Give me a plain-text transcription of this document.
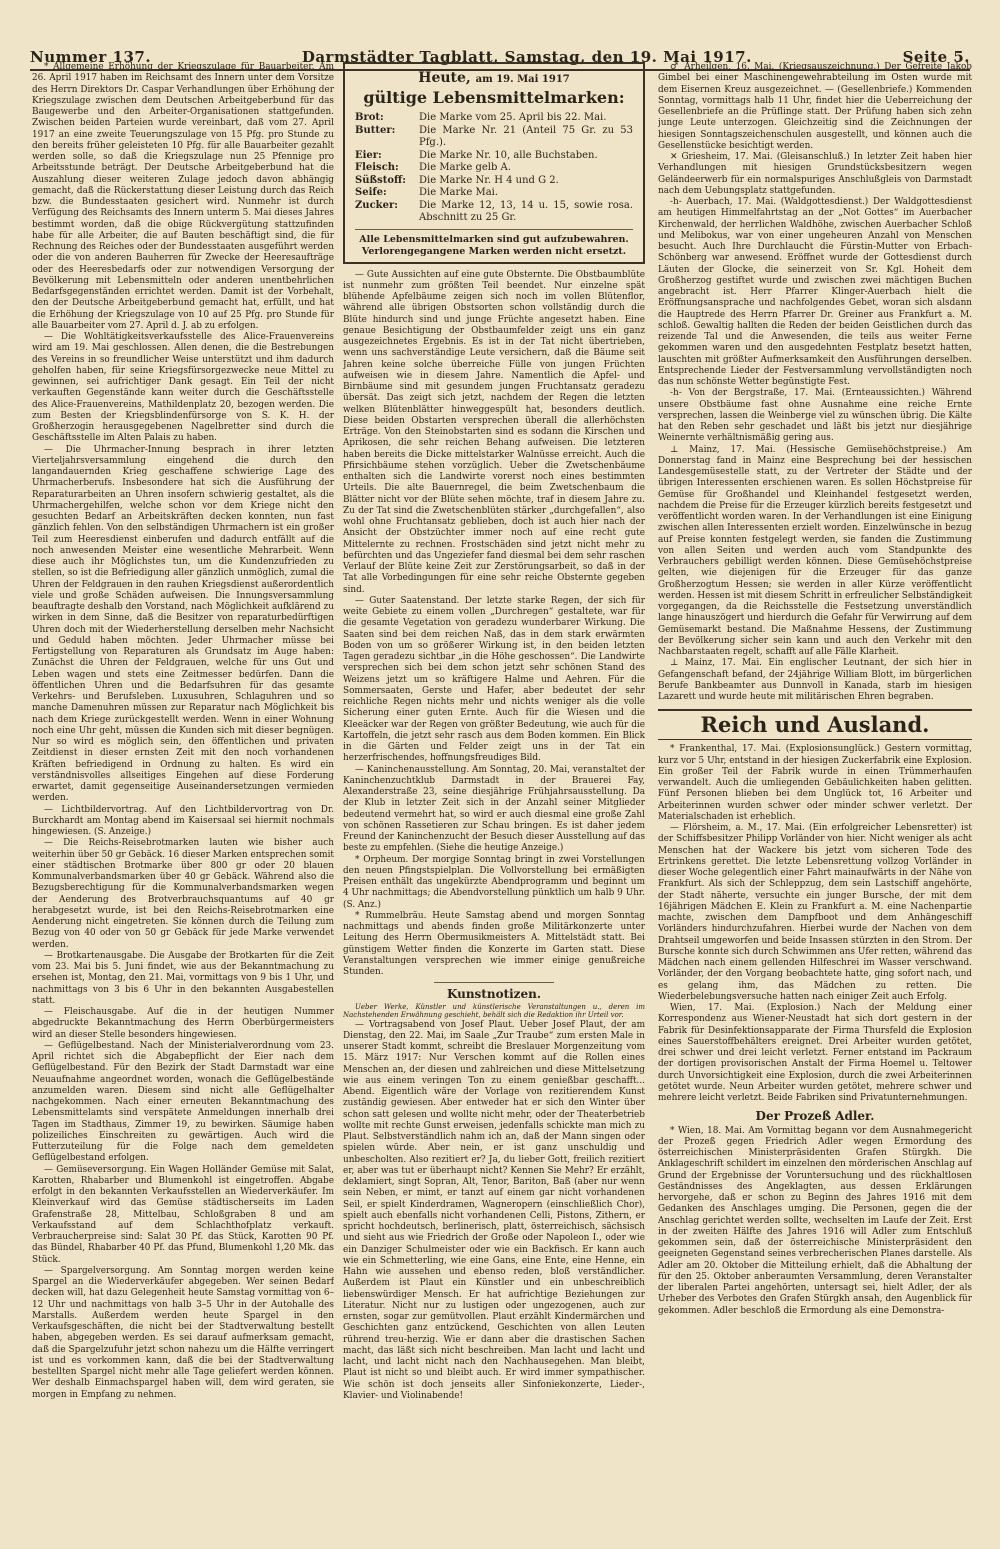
Nummer 137.	Darmstädter Tagblatt, Samstag, den 19. Mai 1917.	Seite 5.

* Allgemeine Erhöhung der Kriegszulage für Bauarbeiter. Am 26. April 1917 haben im Reichsamt des Innern unter dem Vorsitze des Herrn Direktors Dr. Caspar Verhandlungen über Erhöhung der Kriegszulage zwischen dem Deutschen Arbeitgeberbund für das Baugewerbe und den Arbeiter-Organisationen stattgefunden. Zwischen beiden Parteien wurde vereinbart, daß vom 27. April 1917 an eine zweite Teuerungszulage von 15 Pfg. pro Stunde zu den bereits früher geleisteten 10 Pfg. für alle Bauarbeiter gezahlt werden solle, so daß die Kriegszulage nun 25 Pfennige pro Arbeitsstunde beträgt. Der Deutsche Arbeitgeberbund hat die Auszahlung dieser weiteren Zulage jedoch davon abhängig gemacht, daß die Rückerstattung dieser Leistung durch das Reich bzw. die Bundesstaaten gesichert wird. Nunmehr ist durch Verfügung des Reichsamts des Innern unterm 5. Mai dieses Jahres bestimmt worden, daß die obige Rückvergütung stattzufinden habe für alle Arbeiter, die auf Bauten beschäftigt sind, die für Rechnung des Reiches oder der Bundesstaaten ausgeführt werden oder die von anderen Bauherren für Zwecke der Heeresaufträge oder des Heeresbedarfs oder zur notwendigen Versorgung der Bevölkerung mit Lebensmitteln oder anderen unentbehrlichen Bedarfsgegenständen errichtet werden. Damit ist der Vorbehalt, den der Deutsche Arbeitgeberbund gemacht hat, erfüllt, und hat die Erhöhung der Kriegszulage von 10 auf 25 Pfg. pro Stunde für alle Bauarbeiter vom 27. April d. J. ab zu erfolgen.

— Die Wohltätigkeitsverkaufsstelle des Alice-Frauenvereins wird am 19. Mai geschlossen. Allen denen, die die Bestrebungen des Vereins in so freundlicher Weise unterstützt und ihm dadurch geholfen haben, für seine Kriegsfürsorgezwecke neue Mittel zu gewinnen, sei aufrichtiger Dank gesagt. Ein Teil der nicht verkauften Gegenstände kann weiter durch die Geschäftsstelle des Alice-Frauenvereins, Mathildenplatz 20, bezogen werden. Die zum Besten der Kriegsblindenfürsorge von S. K. H. der Großherzogin herausgegebenen Nagelbretter sind durch die Geschäftsstelle im Alten Palais zu haben.

— Die Uhrmacher-Innung besprach in ihrer letzten Vierteljahrsversammlung eingehend die durch den langandauernden Krieg geschaffene schwierige Lage des Uhrmacherberufs. Insbesondere hat sich die Ausführung der Reparaturarbeiten an Uhren insofern schwierig gestaltet, als die Uhrmachergehilfen, welche schon vor dem Kriege nicht den gesuchten Bedarf an Arbeitskräften decken konnten, nun fast gänzlich fehlen. Von den selbständigen Uhrmachern ist ein großer Teil zum Heeresdienst einberufen und dadurch entfällt auf die noch anwesenden Meister eine wesentliche Mehrarbeit. Wenn diese auch ihr Möglichstes tun, um die Kundenzufrieden zu stellen, so ist die Befriedigung aller gänzlich unmöglich, zumal die Uhren der Feldgrauen in den rauhen Kriegsdienst außerordentlich viele und große Schäden aufweisen. Die Innungsversammlung beauftragte deshalb den Vorstand, nach Möglichkeit aufklärend zu wirken in dem Sinne, daß die Besitzer von reparaturbedürftigen Uhren doch mit der Wiederherstellung derselben mehr Nachsicht und Geduld haben möchten. Jeder Uhrmacher müsse bei Fertigstellung von Reparaturen als Grundsatz im Auge haben: Zunächst die Uhren der Feldgrauen, welche für uns Gut und Leben wagen und stets eine Zeitmesser bedürfen. Dann die öffentlichen Uhren und die Bedarfsuhren für das gesamte Verkehrs- und Berufsleben. Luxusuhren, Schlaguhren und so manche Damenuhren müssen zur Reparatur nach Möglichkeit bis nach dem Kriege zurückgestellt werden. Wenn in einer Wohnung noch eine Uhr geht, müssen die Kunden sich mit dieser begnügen. Nur so wird es möglich sein, den öffentlichen und privaten Zeitdienst in dieser ernsten Zeit mit den noch vorhandenen Kräften befriedigend in Ordnung zu halten. Es wird ein verständnisvolles allseitiges Eingehen auf diese Forderung erwartet, damit gegenseitige Auseinandersetzungen vermieden werden.

— Lichtbildervortrag. Auf den Lichtbildervortrag von Dr. Burckhardt am Montag abend im Kaisersaal sei hiermit nochmals hingewiesen. (S. Anzeige.)

— Die Reichs-Reisebrotmarken lauten wie bisher auch weiterhin über 50 gr Gebäck. 16 dieser Marken entsprechen somit einer städtischen Brotmarke über 800 gr oder 20 blauen Kommunalverbandsmarken über 40 gr Gebäck. Während also die Bezugsberechtigung für die Kommunalverbandsmarken wegen der Aenderung des Brotverbrauchsquantums auf 40 gr herabgesetzt wurde, ist bei den Reichs-Reisebrotmarken eine Aenderung nicht eingetreten. Sie können durch die Teilung zum Bezug von 40 oder von 50 gr Gebäck für jede Marke verwendet werden.

— Brotkartenausgabe. Die Ausgabe der Brotkarten für die Zeit vom 23. Mai bis 5. Juni findet, wie aus der Bekanntmachung zu ersehen ist, Montag, den 21. Mai, vormittags von 9 bis 1 Uhr, und nachmittags von 3 bis 6 Uhr in den bekannten Ausgabestellen statt.

— Fleischausgabe. Auf die in der heutigen Nummer abgedruckte Bekanntmachung des Herrn Oberbürgermeisters wird an dieser Stelle besonders hingewiesen.

— Geflügelbestand. Nach der Ministerialverordnung vom 23. April richtet sich die Abgabepflicht der Eier nach dem Geflügelbestand. Für den Bezirk der Stadt Darmstadt war eine Neuaufnahme angeordnet worden, wonach die Geflügelbestände anzumelden waren. Diesem sind nicht alle Geflügelhalter nachgekommen. Nach einer erneuten Bekanntmachung des Lebensmittelamts sind verspätete Anmeldungen innerhalb drei Tagen im Stadthaus, Zimmer 19, zu bewirken. Säumige haben polizeiliches Einschreiten zu gewärtigen. Auch wird die Futterzuteilung für die Folge nach dem gemeldeten Geflügelbestand erfolgen.

— Gemüseversorgung. Ein Wagen Holländer Gemüse mit Salat, Karotten, Rhabarber und Blumenkohl ist eingetroffen. Abgabe erfolgt in den bekannten Verkaufsstellen an Wiederverkäufer. Im Kleinverkauf wird das Gemüse städtischerseits im Laden Grafenstraße 28, Mittelbau, Schloßgraben 8 und am Verkaufsstand auf dem Schlachthofplatz verkauft. Verbraucherpreise sind: Salat 30 Pf. das Stück, Karotten 90 Pf. das Bündel, Rhabarber 40 Pf. das Pfund, Blumenkohl 1,20 Mk. das Stück.

— Spargelversorgung. Am Sonntag morgen werden keine Spargel an die Wiederverkäufer abgegeben. Wer seinen Bedarf decken will, hat dazu Gelegenheit heute Samstag vormittag von 6–12 Uhr und nachmittags von halb 3–5 Uhr in der Autohalle des Marstalls. Außerdem werden heute Spargel in den Verkaufsgeschäften, die nicht bei der Stadtverwaltung bestellt haben, abgegeben werden. Es sei darauf aufmerksam gemacht, daß die Spargelzufuhr jetzt schon nahezu um die Hälfte verringert ist und es vorkommen kann, daß die bei der Stadtverwaltung bestellten Spargel nicht mehr alle Tage geliefert werden können. Wer deshalb Einmachspargel haben will, dem wird geraten, sie morgen in Empfang zu nehmen.

Heute, am 19. Mai 1917
gültige Lebensmittelmarken:
Brot:	Die Marke vom 25. April bis 22. Mai.
Butter:	Die Marke Nr. 21 (Anteil 75 Gr. zu 53 Pfg.).
Eier:	Die Marke Nr. 10, alle Buchstaben.
Fleisch:	Die Marke gelb A.
Süßstoff:	Die Marke Nr. H 4 und G 2.
Seife:	Die Marke Mai.
Zucker:	Die Marke 12, 13, 14 u. 15, sowie rosa. Abschnitt zu 25 Gr.
Alle Lebensmittelmarken sind gut aufzubewahren. Verlorengegangene Marken werden nicht ersetzt.

— Gute Aussichten auf eine gute Obsternte. Die Obstbaumblüte ist nunmehr zum größten Teil beendet. Nur einzelne spät blühende Apfelbäume zeigen sich noch im vollen Blütenflor, während alle übrigen Obstsorten schon vollständig durch die Blüte hindurch sind und junge Früchte angesetzt haben. Eine genaue Besichtigung der Obstbaumfelder zeigt uns ein ganz ausgezeichnetes Ergebnis. Es ist in der Tat nicht übertrieben, wenn uns sachverständige Leute versichern, daß die Bäume seit Jahren keine solche überreiche Fülle von jungen Früchten aufweisen wie in diesem Jahre. Namentlich die Apfel- und Birnbäume sind mit gesundem jungen Fruchtansatz geradezu übersät. Das zeigt sich jetzt, nachdem der Regen die letzten welken Blütenblätter hinweggespült hat, besonders deutlich. Diese beiden Obstarten versprechen überall die allerhöchsten Erträge. Von den Steinobstarten sind es sodann die Kirschen und Aprikosen, die sehr reichen Behang aufweisen. Die letzteren haben bereits die Dicke mittelstarker Walnüsse erreicht. Auch die Pfirsichbäume stehen vorzüglich. Ueber die Zwetschenbäume enthalten sich die Landwirte vorerst noch eines bestimmten Urteils. Die alte Bauernregel, die beim Zwetschenbaum die Blätter nicht vor der Blüte sehen möchte, traf in diesem Jahre zu. Zu der Tat sind die Zwetschenblüten stärker „durchgefallen“, also wohl ohne Fruchtansatz geblieben, doch ist auch hier nach der Ansicht der Obstzüchter immer noch auf eine recht gute Mittelernte zu rechnen. Frostschäden sind jetzt nicht mehr zu befürchten und das Ungeziefer fand diesmal bei dem sehr raschen Verlauf der Blüte keine Zeit zur Zerstörungsarbeit, so daß in der Tat alle Vorbedingungen für eine sehr reiche Obsternte gegeben sind.

— Guter Saatenstand. Der letzte starke Regen, der sich für weite Gebiete zu einem vollen „Durchregen“ gestaltete, war für die gesamte Vegetation von geradezu wunderbarer Wirkung. Die Saaten sind bei dem reichen Naß, das in dem stark erwärmten Boden von um so größerer Wirkung ist, in den beiden letzten Tagen geradezu sichtbar „in die Höhe geschossen“. Die Landwirte versprechen sich bei dem schon jetzt sehr schönen Stand des Weizens jetzt um so kräftigere Halme und Aehren. Für die Sommersaaten, Gerste und Hafer, aber bedeutet der sehr reichliche Regen nichts mehr und nichts weniger als die volle Sicherung einer guten Ernte. Auch für die Wiesen und die Kleeäcker war der Regen von größter Bedeutung, wie auch für die Kartoffeln, die jetzt sehr rasch aus dem Boden kommen. Ein Blick in die Gärten und Felder zeigt uns in der Tat ein herzerfrischendes, hoffnungsfreudiges Bild.

— Kaninchenausstellung. Am Sonntag, 20. Mai, veranstaltet der Kaninchenzuchtklub Darmstadt in der Brauerei Fay, Alexanderstraße 23, seine diesjährige Frühjahrsausstellung. Da der Klub in letzter Zeit sich in der Anzahl seiner Mitglieder bedeutend vermehrt hat, so wird er auch diesmal eine große Zahl von schönen Rassetieren zur Schau bringen. Es ist daher jedem Freund der Kaninchenzucht der Besuch dieser Ausstellung auf das beste zu empfehlen. (Siehe die heutige Anzeige.)

* Orpheum. Der morgige Sonntag bringt in zwei Vorstellungen den neuen Pfingstspielplan. Die Vollvorstellung bei ermäßigten Preisen enthält das ungekürzte Abendprogramm und beginnt um 4 Uhr nachmittags; die Abendvorstellung pünktlich um halb 9 Uhr. (S. Anz.)

* Rummelbräu. Heute Samstag abend und morgen Sonntag nachmittags und abends finden große Militärkonzerte unter Leitung des Herrn Obermusikmeisters A. Mittelstädt statt. Bei günstigem Wetter finden die Konzerte im Garten statt. Diese Veranstaltungen versprechen wie immer einige genußreiche Stunden.

Kunstnotizen.

Ueber Werke, Künstler und künstlerische Veranstaltungen u., deren im Nachstehenden Erwähnung geschieht, behält sich die Redaktion ihr Urteil vor.

— Vortragsabend von Josef Plaut. Ueber Josef Plaut, der am Dienstag, den 22. Mai, im Saale „Zur Traube“ zum ersten Male in unserer Stadt kommt, schreibt die Breslauer Morgenzeitung vom 15. März 1917: Nur Verschen kommt auf die Rollen eines Menschen an, der diesen und zahlreichen und diese Mittelsetzung wie aus einem veringen Ton zu einem genießbar geschafft... Abend. Eigentlich wäre der Vorlage von rezitierendem Kunst zuständig gewiesen. Aber entweder hat er sich den Winter über schon satt gelesen und wollte nicht mehr, oder der Theaterbetrieb wollte mit rechte Gunst erweisen, jedenfalls schickte man mich zu Plaut. Selbstverständlich nahm ich an, daß der Mann singen oder spielen würde. Aber nein, er ist ganz unschuldig und unbescholten. Also rezitiert er? Ja, du lieber Gott, freilich rezitiert er, aber was tut er überhaupt nicht? Kennen Sie Mehr? Er erzählt, deklamiert, singt Sopran, Alt, Tenor, Bariton, Baß (aber nur wenn sein Neben, er mimt, er tanzt auf einem gar nicht vorhandenen Seil, er spielt Kinderdramen, Wagneropern (einschließlich Chor), spielt auch ebenfalls nicht vorhandenen Celli, Pistons, Zithern, er spricht hochdeutsch, berlinerisch, platt, österreichisch, sächsisch und sieht aus wie Friedrich der Große oder Napoleon I., oder wie ein Danziger Schulmeister oder wie ein Backfisch. Er kann auch wie ein Schmetterling, wie eine Gans, eine Ente, eine Henne, ein Hahn wie aussehen und ebenso reden, bloß verständlicher. Außerdem ist Plaut ein Künstler und ein unbeschreiblich liebenswürdiger Mensch. Er hat aufrichtige Beziehungen zur Literatur. Nicht nur zu lustigen oder ungezogenen, auch zur ernsten, sogar zur gemütvollen. Plaut erzählt Kindermärchen und Geschichten ganz entzückend, Geschichten von allen Leuten rührend treu-herzig. Wie er dann aber die drastischen Sachen macht, das läßt sich nicht beschreiben. Man lacht und lacht und lacht, und lacht nicht nach den Nachhausegehen. Man bleibt, Plaut ist nicht so und bleibt auch. Er wird immer sympathischer. Wie schön ist doch jenseits aller Sinfoniekonzerte, Lieder-, Klavier- und Violinabende!

♂ Arheilgen, 16. Mai. (Kriegsauszeichnung.) Der Gefreite Jakob Gimbel bei einer Maschinengewehrabteilung im Osten wurde mit dem Eisernen Kreuz ausgezeichnet. — (Gesellenbriefe.) Kommenden Sonntag, vormittags halb 11 Uhr, findet hier die Ueberreichung der Gesellenbriefe an die Prüflinge statt. Der Prüfung haben sich zehn junge Leute unterzogen. Gleichzeitig sind die Zeichnungen der hiesigen Sonntagszeichenschulen ausgestellt, und können auch die Gesellenstücke besichtigt werden.

✕ Griesheim, 17. Mai. (Gleisanschluß.) In letzter Zeit haben hier Verhandlungen mit hiesigen Grundstücksbesitzern wegen Geländeerwerb für ein normalspuriges Anschlußgleis von Darmstadt nach dem Uebungsplatz stattgefunden.

-h- Auerbach, 17. Mai. (Waldgottesdienst.) Der Waldgottesdienst am heutigen Himmelfahrtstag an der „Not Gottes“ im Auerbacher Kirchenwald, der herrlichen Waldhöhe, zwischen Auerbacher Schloß und Melibokus, war von einer ungeheuren Anzahl von Menschen besucht. Auch Ihre Durchlaucht die Fürstin-Mutter von Erbach-Schönberg war anwesend. Eröffnet wurde der Gottesdienst durch Läuten der Glocke, die seinerzeit von Sr. Kgl. Hoheit dem Großherzog gestiftet wurde und zwischen zwei mächtigen Buchen angebracht ist. Herr Pfarrer Klinger-Auerbach hielt die Eröffnungsansprache und nachfolgendes Gebet, woran sich alsdann die Hauptrede des Herrn Pfarrer Dr. Greiner aus Frankfurt a. M. schloß. Gewaltig hallten die Reden der beiden Geistlichen durch das reizende Tal und die Anwesenden, die teils aus weiter Ferne gekommen waren und den ausgedehnten Festplatz besetzt hatten, lauschten mit größter Aufmerksamkeit den Ausführungen derselben. Entsprechende Lieder der Festversammlung vervollständigten noch das nun schönste Wetter begünstigte Fest.

-h- Von der Bergstraße, 17. Mai. (Ernteaussichten.) Während unsere Obstbäume fast ohne Ausnahme eine reiche Ernte versprechen, lassen die Weinberge viel zu wünschen übrig. Die Kälte hat den Reben sehr geschadet und läßt bis jetzt nur diesjährige Weinernte verhältnismäßig gering aus.

⊥ Mainz, 17. Mai. (Hessische Gemüsehöchstpreise.) Am Donnerstag fand in Mainz eine Besprechung bei der hessischen Landesgemüsestelle statt, zu der Vertreter der Städte und der übrigen Interessenten erschienen waren. Es sollen Höchstpreise für Gemüse für Großhandel und Kleinhandel festgesetzt werden, nachdem die Preise für die Erzeuger kürzlich bereits festgesetzt und veröffentlicht worden waren. In der Verhandlungen ist eine Einigung zwischen allen Interessenten erzielt worden. Einzelwünsche in bezug auf Preise konnten festgelegt werden, sie fanden die Zustimmung von allen Seiten und werden auch vom Standpunkte des Verbrauchers gebilligt werden können. Diese Gemüsehöchstpreise gelten, wie diejenigen für die Erzeuger für das ganze Großherzogtum Hessen; sie werden in aller Kürze veröffentlicht werden. Hessen ist mit diesem Schritt in erfreulicher Selbständigkeit vorgegangen, da die Reichsstelle die Festsetzung unverständlich lange hinauszögert und hierdurch die Gefahr für Verwirrung auf dem Gemüsemarkt bestand. Die Maßnahme Hessens, der Zustimmung der Bevölkerung sicher sein kann und auch den Verkehr mit den Nachbarstaaten regelt, schafft auf alle Fälle Klarheit.

⊥ Mainz, 17. Mai. Ein englischer Leutnant, der sich hier in Gefangenschaft befand, der 24jährige William Blott, im bürgerlichen Berufe Bankbeamter aus Dunnvoll in Kanada, starb im hiesigen Lazarett und wurde heute mit militärischen Ehren begraben.

Reich und Ausland.

* Frankenthal, 17. Mai. (Explosionsunglück.) Gestern vormittag, kurz vor 5 Uhr, entstand in der hiesigen Zuckerfabrik eine Explosion. Ein großer Teil der Fabrik wurde in einen Trümmerhaufen verwandelt. Auch die umliegenden Gebäulichkeiten haben gelitten. Fünf Personen blieben bei dem Unglück tot, 16 Arbeiter und Arbeiterinnen wurden schwer oder minder schwer verletzt. Der Materialschaden ist erheblich.

— Flörsheim, a. M., 17. Mai. (Ein erfolgreicher Lebensretter) ist der Schiffsbesitzer Philipp Vorländer von hier. Nicht weniger als acht Menschen hat der Wackere bis jetzt vom sicheren Tode des Ertrinkens gerettet. Die letzte Lebensrettung vollzog Vorländer in dieser Woche gelegentlich einer Fahrt mainaufwärts in der Nähe von Frankfurt. Als sich der Schleppzug, dem sein Lastschiff angehörte, der Stadt näherte, versuchte ein junger Bursche, der mit dem 16jährigen Mädchen E. Klein zu Frankfurt a. M. eine Nachenpartie machte, zwischen dem Dampfboot und dem Anhängeschiff Vorländers hindurchzufahren. Hierbei wurde der Nachen von dem Drahtseil umgeworfen und beide Insassen stürzten in den Strom. Der Bursche konnte sich durch Schwimmen ans Ufer retten, während das Mädchen nach einem gellenden Hilfeschrei im Wasser verschwand. Vorländer, der den Vorgang beobachtete hatte, ging sofort nach, und es gelang ihm, das Mädchen zu retten. Die Wiederbelebungsversuche hatten nach einiger Zeit auch Erfolg.

Wien, 17. Mai. (Explosion.) Nach der Meldung einer Korrespondenz aus Wiener-Neustadt hat sich dort gestern in der Fabrik für Desinfektionsapparate der Firma Thursfeld die Explosion eines Sauerstoffbehälters ereignet. Drei Arbeiter wurden getötet, drei schwer und drei leicht verletzt. Ferner entstand im Packraum der dortigen provisorischen Anstalt der Firma Hoemel u. Teltower durch Unvorsichtigkeit eine Explosion, durch die zwei Arbeiterinnen getötet wurde. Neun Arbeiter wurden getötet, mehrere schwer und mehrere leicht verletzt. Beide Fabriken sind Privatunternehmungen.

Der Prozeß Adler.

* Wien, 18. Mai. Am Vormittag begann vor dem Ausnahmegericht der Prozeß gegen Friedrich Adler wegen Ermordung des österreichischen Ministerpräsidenten Grafen Stürgkh. Die Anklageschrift schildert im einzelnen den mörderischen Anschlag auf Grund der Ergebnisse der Voruntersuchung und des rückhaltlosen Geständnisses des Angeklagten, aus dessen Erklärungen hervorgehe, daß er schon zu Beginn des Jahres 1916 mit dem Gedanken des Anschlages umging. Die Personen, gegen die der Anschlag gerichtet werden sollte, wechselten im Laufe der Zeit. Erst in der zweiten Hälfte des Jahres 1916 will Adler zum Entschluß gekommen sein, daß der österreichische Ministerpräsident den geeigneten Gegenstand seines verbrecherischen Planes darstelle. Als Adler am 20. Oktober die Mitteilung erhielt, daß die Abhaltung der für den 25. Oktober anberaumten Versammlung, deren Veranstalter der liberalen Partei angehörten, untersagt sei, hielt Adler, der als Urheber des Verbotes den Grafen Stürgkh ansah, den Augenblick für gekommen. Adler beschloß die Ermordung als eine Demonstra-
